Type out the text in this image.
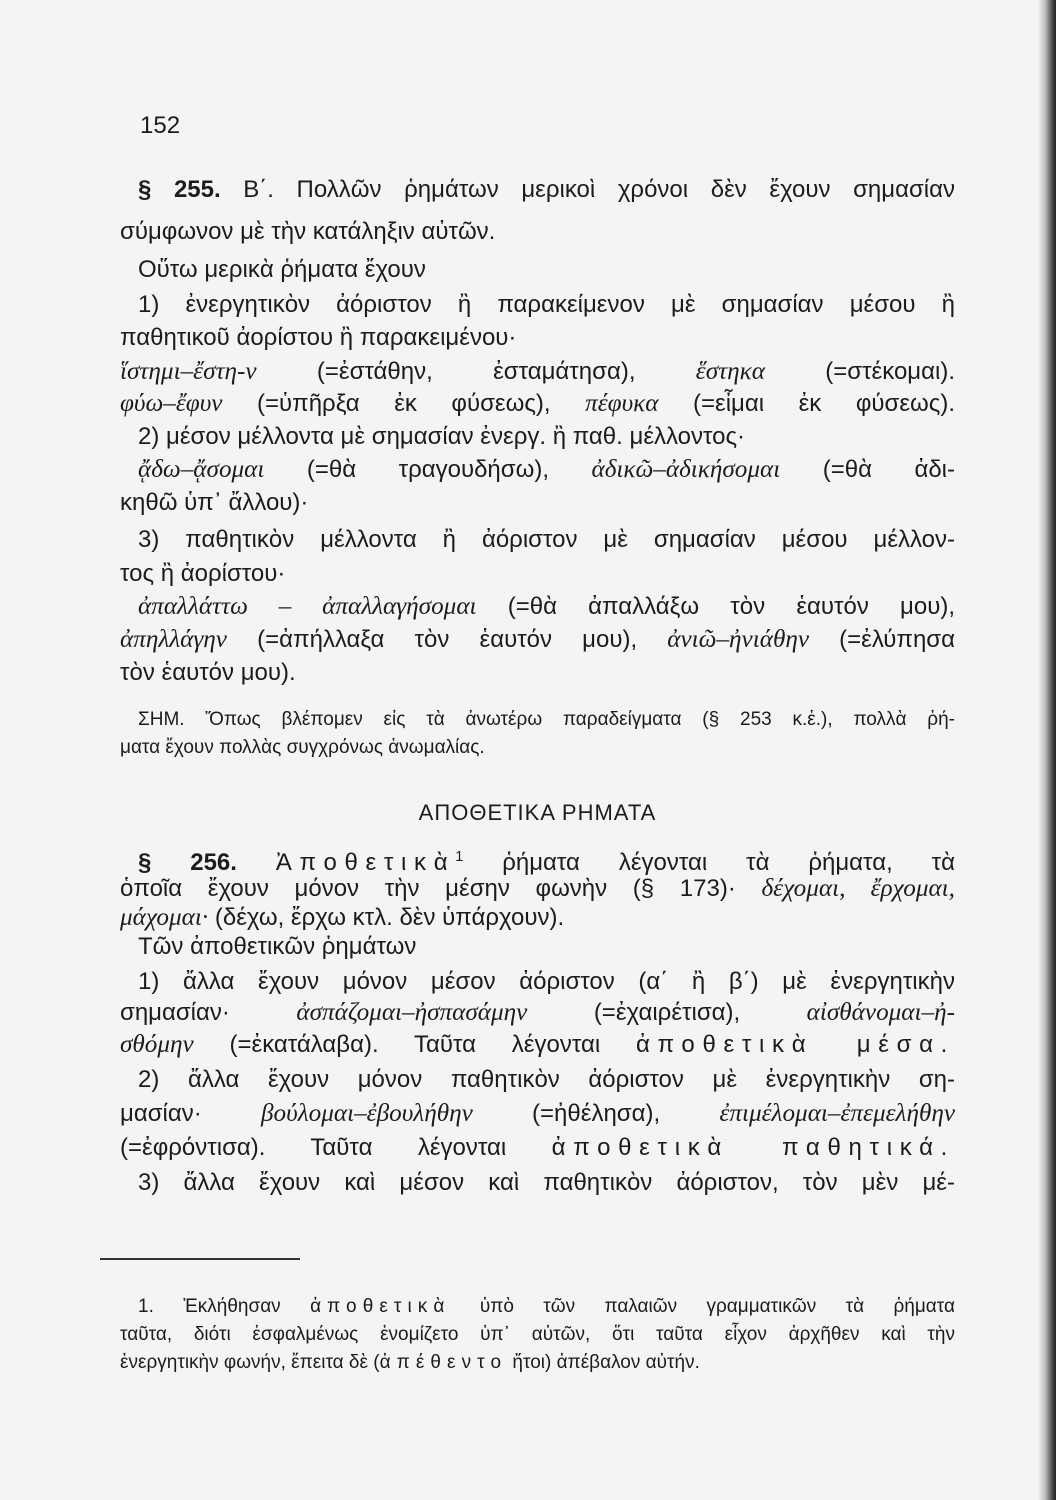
152
§ 255. Β΄. Πολλῶν ῥημάτων μερικοὶ χρόνοι δὲν ἔχουν σημασίαν
σύμφωνον μὲ τὴν κατάληξιν αὐτῶν.
Οὕτω μερικὰ ῥήματα ἔχουν
1) ἐνεργητικὸν ἀόριστον ἢ παρακείμενον μὲ σημασίαν μέσου ἢ
παθητικοῦ ἀορίστου ἢ παρακειμένου·
ἵστημι–ἔστη-ν (=ἐστάθην, ἐσταμάτησα), ἕστηκα (=στέκομαι).
φύω–ἔφυν (=ὑπῆρξα ἐκ φύσεως), πέφυκα (=εἶμαι ἐκ φύσεως).
2) μέσον μέλλοντα μὲ σημασίαν ἐνεργ. ἢ παθ. μέλλοντος·
ᾄδω–ᾄσομαι (=θὰ τραγουδήσω), ἀδικῶ–ἀδικήσομαι (=θὰ ἀδι-
κηθῶ ὑπ᾽ ἄλλου)·
3) παθητικὸν μέλλοντα ἢ ἀόριστον μὲ σημασίαν μέσου μέλλον-
τος ἢ ἀορίστου·
ἀπαλλάττω – ἀπαλλαγήσομαι (=θὰ ἀπαλλάξω τὸν ἑαυτόν μου),
ἀπηλλάγην (=ἀπήλλαξα τὸν ἑαυτόν μου), ἀνιῶ–ἠνιάθην (=ἐλύπησα
τὸν ἑαυτόν μου).
ΣΗΜ. Ὅπως βλέπομεν εἰς τὰ ἀνωτέρω παραδείγματα (§ 253 κ.ἑ.), πολλὰ ῥή-
ματα ἔχουν πολλὰς συγχρόνως ἀνωμαλίας.
ΑΠΟΘΕΤΙΚΑ ΡΗΜΑΤΑ
§ 256. Ἀποθετικὰ$^1$ ῥήματα λέγονται τὰ ῥήματα, τὰ
ὁποῖα ἔχουν μόνον τὴν μέσην φωνὴν (§ 173)· δέχομαι, ἔρχομαι,
μάχομαι· (δέχω, ἔρχω κτλ. δὲν ὑπάρχουν).
Τῶν ἀποθετικῶν ῥημάτων
1) ἄλλα ἔχουν μόνον μέσον ἀόριστον (α΄ ἢ β΄) μὲ ἐνεργητικὴν
σημασίαν· ἀσπάζομαι–ἠσπασάμην (=ἐχαιρέτισα), αἰσθάνομαι–ἠ-
σθόμην (=ἐκατάλαβα). Ταῦτα λέγονται ἀποθετικὰ μέσα.
2) ἄλλα ἔχουν μόνον παθητικὸν ἀόριστον μὲ ἐνεργητικὴν ση-
μασίαν· βούλομαι–ἐβουλήθην (=ἠθέλησα), ἐπιμέλομαι–ἐπεμελήθην
(=ἐφρόντισα). Ταῦτα λέγονται ἀποθετικὰ παθητικά.
3) ἄλλα ἔχουν καὶ μέσον καὶ παθητικὸν ἀόριστον, τὸν μὲν μέ-
1. Ἐκλήθησαν ἀποθετικὰ ὑπὸ τῶν παλαιῶν γραμματικῶν τὰ ῥήματα
ταῦτα, διότι ἐσφαλμένως ἐνομίζετο ὑπ᾽ αὐτῶν, ὅτι ταῦτα εἶχον ἀρχῆθεν καὶ τὴν
ἐνεργητικὴν φωνήν, ἔπειτα δὲ (ἀπέθεντο ἤτοι) ἀπέβαλον αὐτήν.
